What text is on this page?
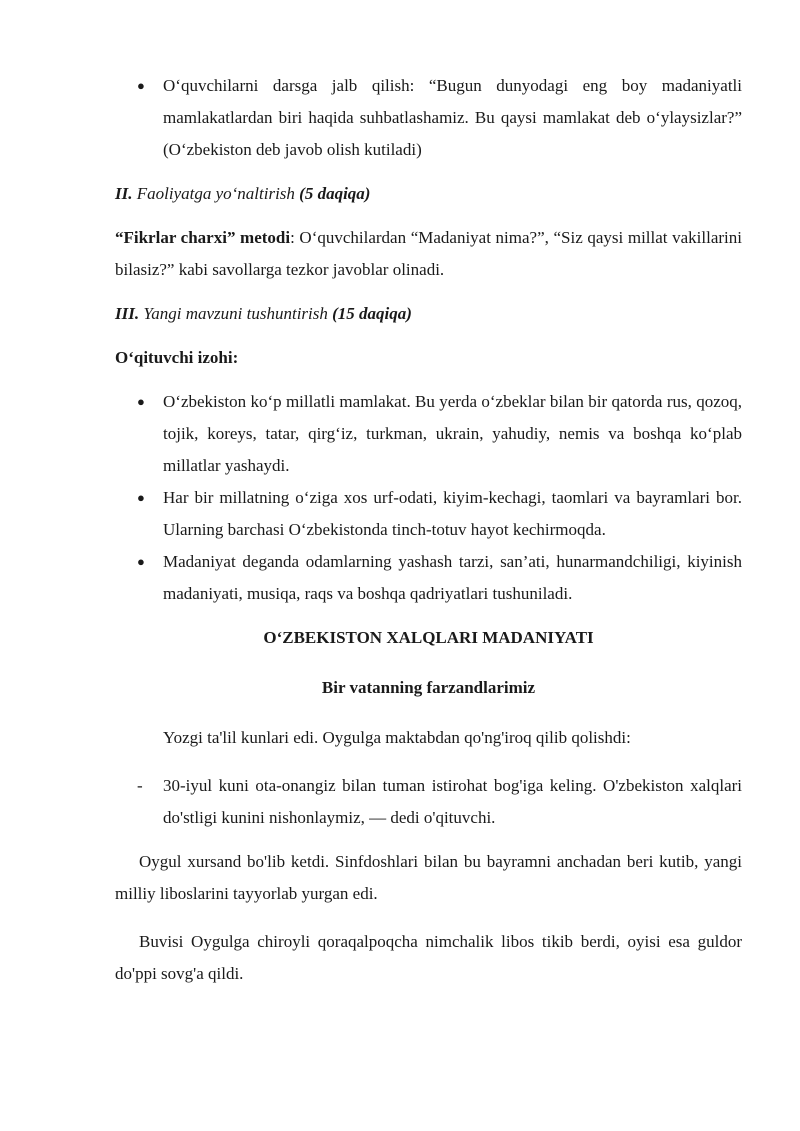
● O‘quvchilarni darsga jalb qilish: “Bugun dunyodagi eng boy madaniyatli mamlakatlardan biri haqida suhbatlashamiz. Bu qaysi mamlakat deb o‘ylaysizlar?” (O‘zbekiston deb javob olish kutiladi)

II. Faoliyatga yo‘naltirish (5 daqiqa)

“Fikrlar charxi” metodi: O‘quvchilardan “Madaniyat nima?”, “Siz qaysi millat vakillarini bilasiz?” kabi savollarga tezkor javoblar olinadi.

III. Yangi mavzuni tushuntirish (15 daqiqa)

O‘qituvchi izohi:

● O‘zbekiston ko‘p millatli mamlakat. Bu yerda o‘zbeklar bilan bir qatorda rus, qozoq, tojik, koreys, tatar, qirg‘iz, turkman, ukrain, yahudiy, nemis va boshqa ko‘plab millatlar yashaydi.
● Har bir millatning o‘ziga xos urf-odati, kiyim-kechagi, taomlari va bayramlari bor. Ularning barchasi O‘zbekistonda tinch-totuv hayot kechirmoqda.
● Madaniyat deganda odamlarning yashash tarzi, san’ati, hunarmandchiligi, kiyinish madaniyati, musiqa, raqs va boshqa qadriyatlari tushuniladi.

O‘ZBEKISTON XALQLARI MADANIYATI

Bir vatanning farzandlarimiz

Yozgi ta'lil kunlari edi. Oygulga maktabdan qo'ng'iroq qilib qolishdi:

- 30-iyul kuni ota-onangiz bilan tuman istirohat bog'iga keling. O'zbekiston xalqlari do'stligi kunini nishonlaymiz, — dedi o'qituvchi.

Oygul xursand bo'lib ketdi. Sinfdoshlari bilan bu bayramni anchadan beri kutib, yangi milliy liboslarini tayyorlab yurgan edi.

Buvisi Oygulga chiroyli qoraqalpoqcha nimchalik libos tikib berdi, oyisi esa guldor do'ppi sovg'a qildi.
